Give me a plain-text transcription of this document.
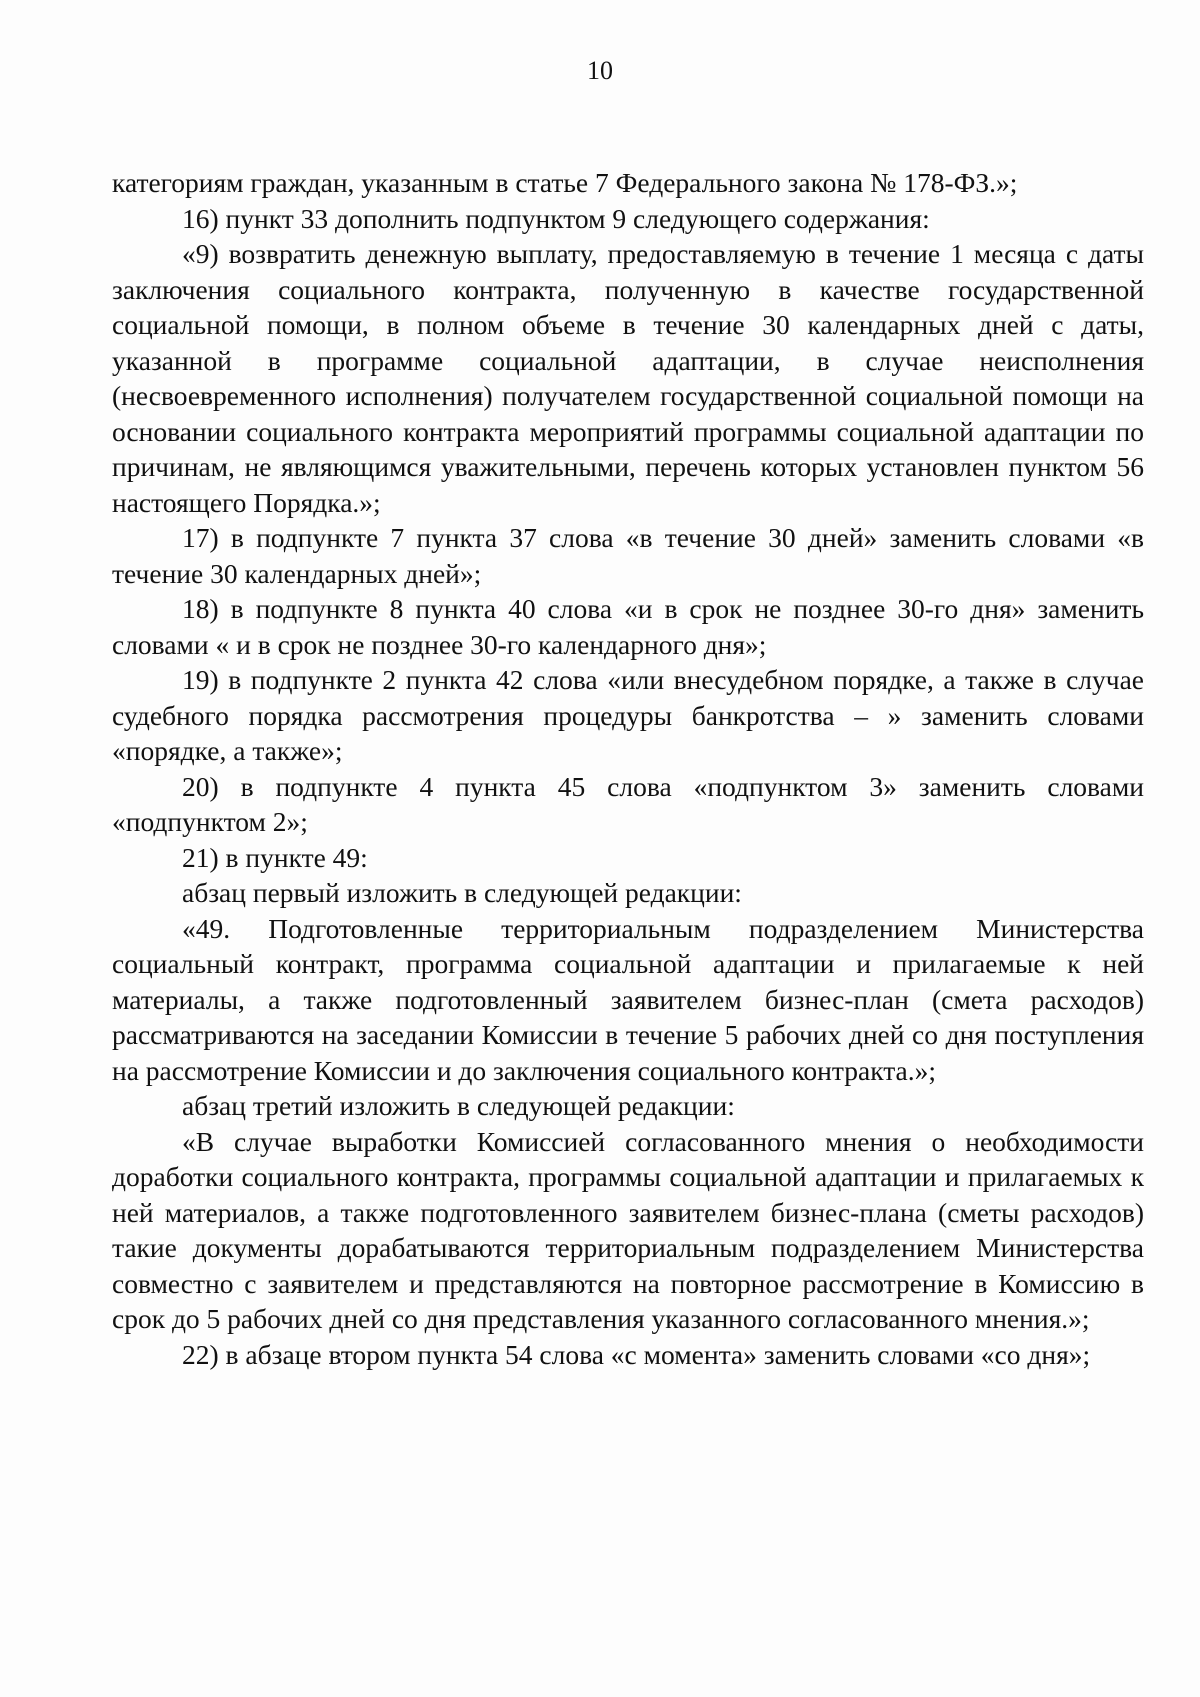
10

категориям граждан, указанным в статье 7 Федерального закона № 178-ФЗ.»;

16) пункт 33 дополнить подпунктом 9 следующего содержания:

«9) возвратить денежную выплату, предоставляемую в течение 1 месяца с даты заключения социального контракта, полученную в качестве государственной социальной помощи, в полном объеме в течение 30 календарных дней с даты, указанной в программе социальной адаптации, в случае неисполнения (несвоевременного исполнения) получателем государственной социальной помощи на основании социального контракта мероприятий программы социальной адаптации по причинам, не являющимся уважительными, перечень которых установлен пунктом 56 настоящего Порядка.»;

17) в подпункте 7 пункта 37 слова «в течение 30 дней» заменить словами «в течение 30 календарных дней»;

18) в подпункте 8 пункта 40 слова «и в срок не позднее 30-го дня» заменить словами « и в срок не позднее 30-го календарного дня»;

19) в подпункте 2 пункта 42 слова «или внесудебном порядке, а также в случае судебного порядка рассмотрения процедуры банкротства – » заменить словами «порядке, а также»;

20) в подпункте 4 пункта 45 слова «подпунктом 3» заменить словами «подпунктом 2»;

21) в пункте 49:

абзац первый изложить в следующей редакции:

«49. Подготовленные территориальным подразделением Министерства социальный контракт, программа социальной адаптации и прилагаемые к ней материалы, а также подготовленный заявителем бизнес-план (смета расходов) рассматриваются на заседании Комиссии в течение 5 рабочих дней со дня поступления на рассмотрение Комиссии и до заключения социального контракта.»;

абзац третий изложить в следующей редакции:

«В случае выработки Комиссией согласованного мнения о необходимости доработки социального контракта, программы социальной адаптации и прилагаемых к ней материалов, а также подготовленного заявителем бизнес-плана (сметы расходов) такие документы дорабатываются территориальным подразделением Министерства совместно с заявителем и представляются на повторное рассмотрение в Комиссию в срок до 5 рабочих дней со дня представления указанного согласованного мнения.»;

22) в абзаце втором пункта 54 слова «с момента» заменить словами «со дня»;
